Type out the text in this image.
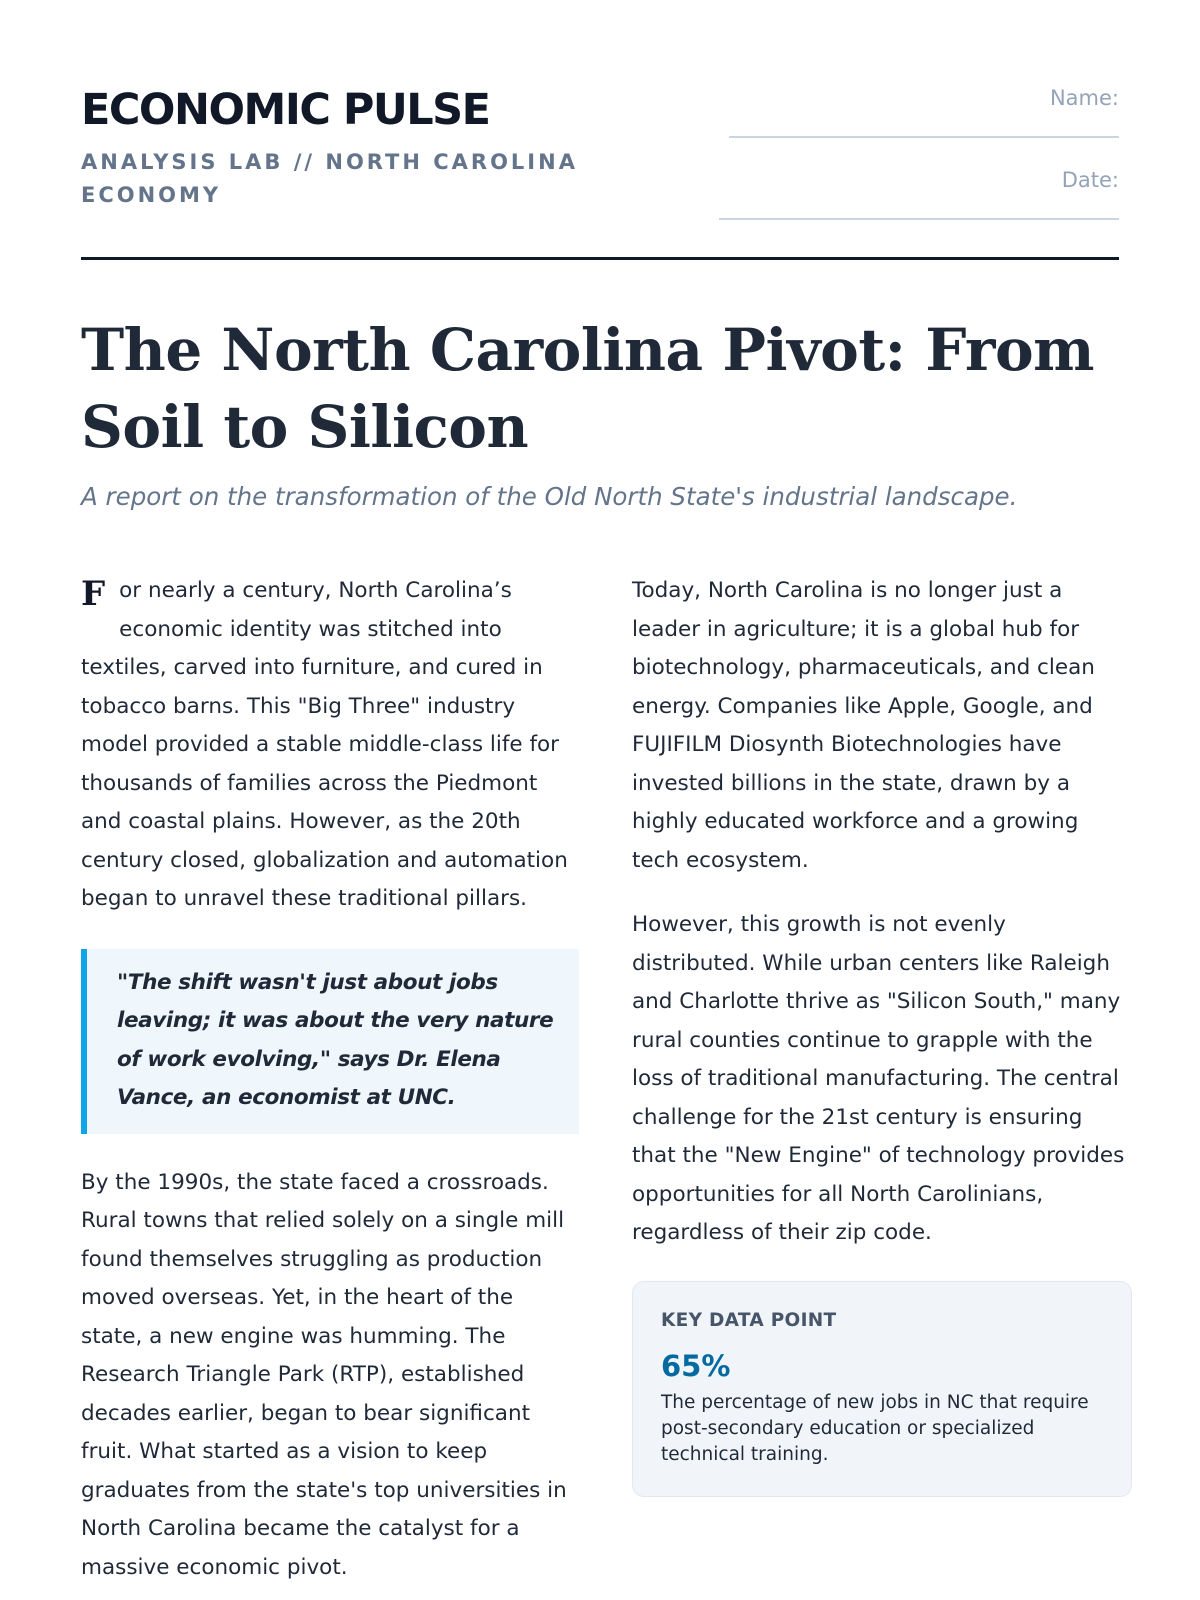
ECONOMIC PULSE
ANALYSIS LAB // NORTH CAROLINA ECONOMY
Name:
Date:
The North Carolina Pivot: From Soil to Silicon
A report on the transformation of the Old North State's industrial landscape.

For nearly a century, North Carolina’s economic identity was stitched into textiles, carved into furniture, and cured in tobacco barns. This "Big Three" industry model provided a stable middle-class life for thousands of families across the Piedmont and coastal plains. However, as the 20th century closed, globalization and automation began to unravel these traditional pillars.

"The shift wasn't just about jobs leaving; it was about the very nature of work evolving," says Dr. Elena Vance, an economist at UNC.

By the 1990s, the state faced a crossroads. Rural towns that relied solely on a single mill found themselves struggling as production moved overseas. Yet, in the heart of the state, a new engine was humming. The Research Triangle Park (RTP), established decades earlier, began to bear significant fruit. What started as a vision to keep graduates from the state's top universities in North Carolina became the catalyst for a massive economic pivot.

Today, North Carolina is no longer just a leader in agriculture; it is a global hub for biotechnology, pharmaceuticals, and clean energy. Companies like Apple, Google, and FUJIFILM Diosynth Biotechnologies have invested billions in the state, drawn by a highly educated workforce and a growing tech ecosystem.

However, this growth is not evenly distributed. While urban centers like Raleigh and Charlotte thrive as "Silicon South," many rural counties continue to grapple with the loss of traditional manufacturing. The central challenge for the 21st century is ensuring that the "New Engine" of technology provides opportunities for all North Carolinians, regardless of their zip code.

KEY DATA POINT
65%
The percentage of new jobs in NC that require post-secondary education or specialized technical training.
